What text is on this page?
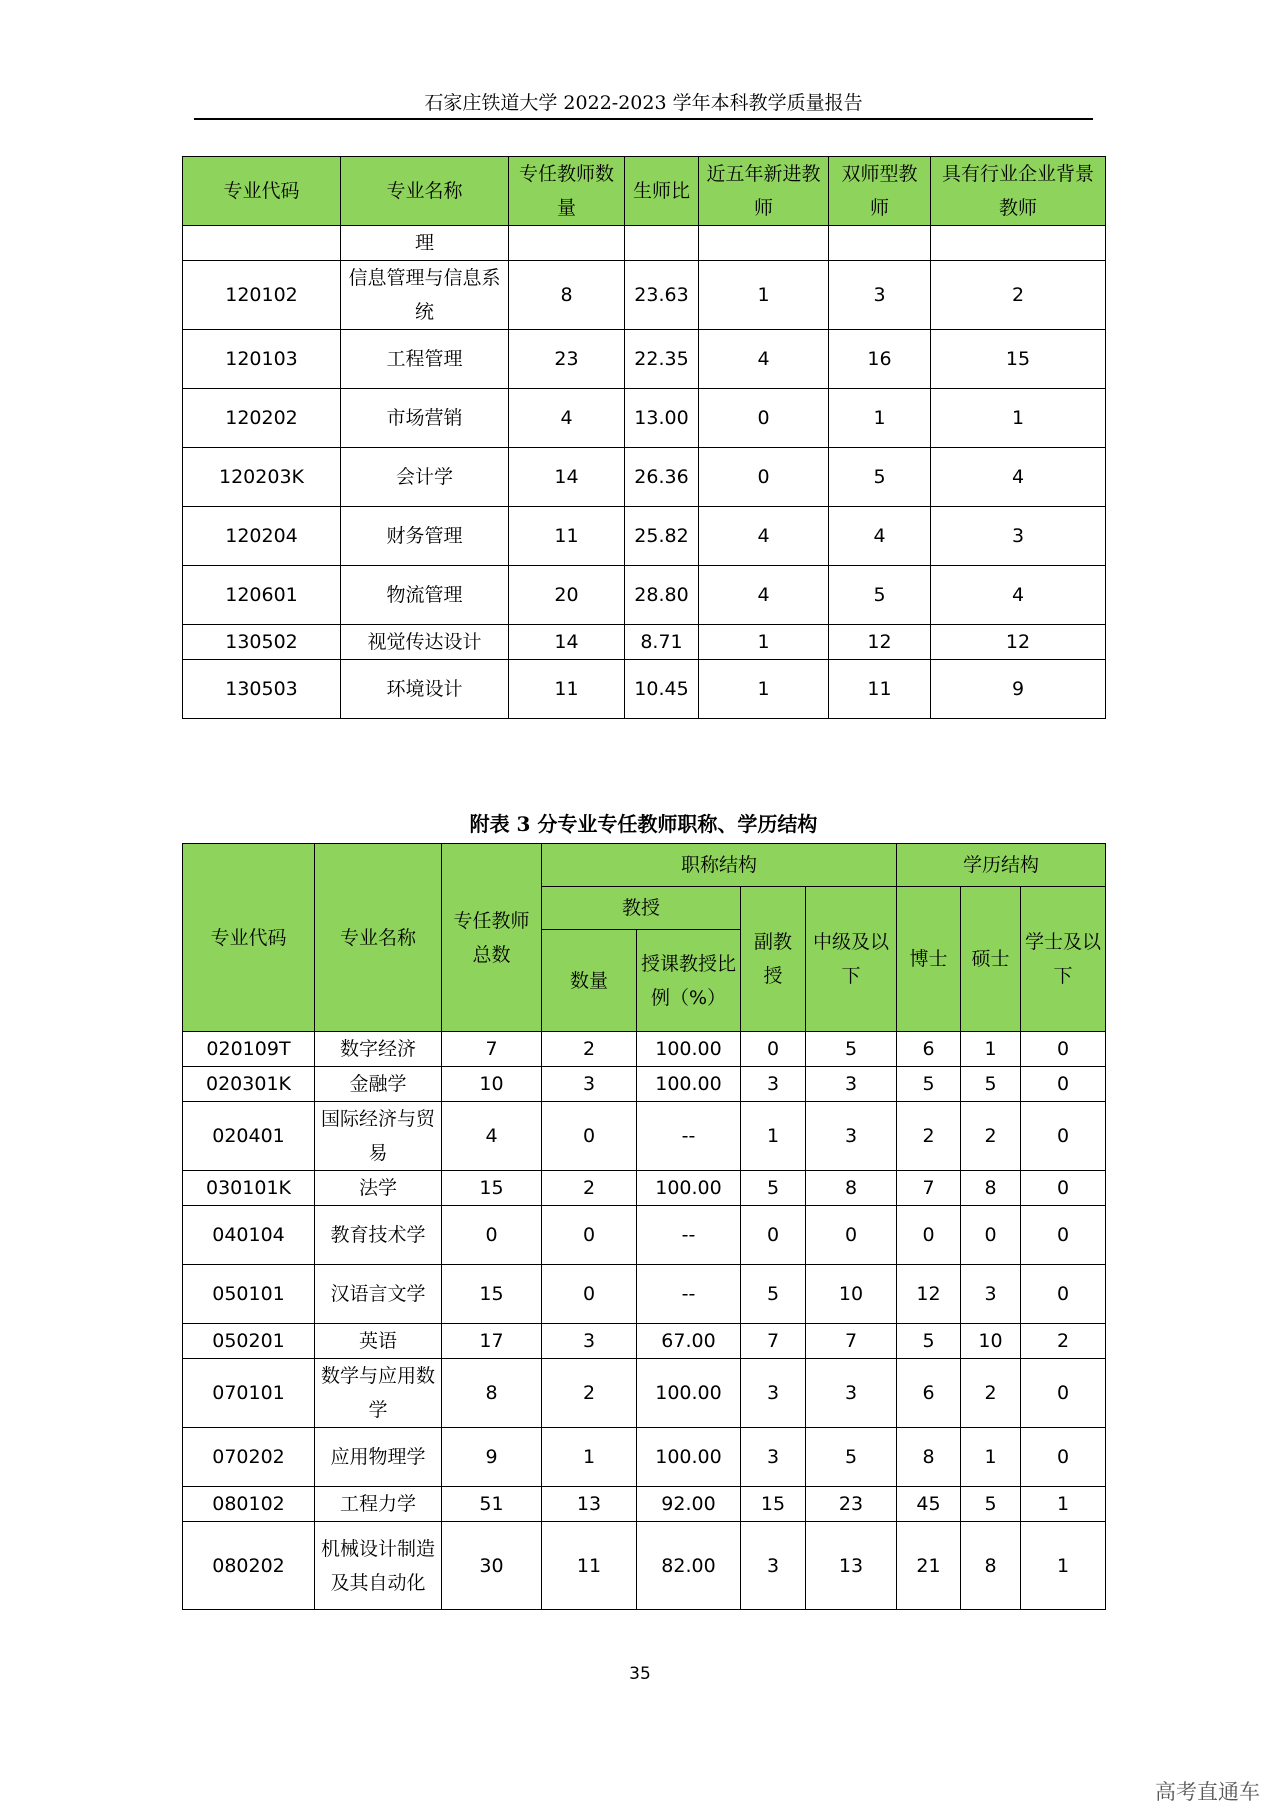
石家庄铁道大学 2022-2023 学年本科教学质量报告
专业代码	专业名称	专任教师数量	生师比	近五年新进教师	双师型教师	具有行业企业背景教师
	理					
120102	信息管理与信息系统	8	23.63	1	3	2
120103	工程管理	23	22.35	4	16	15
120202	市场营销	4	13.00	0	1	1
120203K	会计学	14	26.36	0	5	4
120204	财务管理	11	25.82	4	4	3
120601	物流管理	20	28.80	4	5	4
130502	视觉传达设计	14	8.71	1	12	12
130503	环境设计	11	10.45	1	11	9
附表 3 分专业专任教师职称、学历结构
专业代码	专业名称	专任教师总数	职称结构				学历结构		
			教授		副教授	中级及以下	博士	硕士	学士及以下
			数量	授课教授比例（%）					
020109T	数字经济	7	2	100.00	0	5	6	1	0
020301K	金融学	10	3	100.00	3	3	5	5	0
020401	国际经济与贸易	4	0	--	1	3	2	2	0
030101K	法学	15	2	100.00	5	8	7	8	0
040104	教育技术学	0	0	--	0	0	0	0	0
050101	汉语言文学	15	0	--	5	10	12	3	0
050201	英语	17	3	67.00	7	7	5	10	2
070101	数学与应用数学	8	2	100.00	3	3	6	2	0
070202	应用物理学	9	1	100.00	3	5	8	1	0
080102	工程力学	51	13	92.00	15	23	45	5	1
080202	机械设计制造及其自动化	30	11	82.00	3	13	21	8	1
35
高考直通车
